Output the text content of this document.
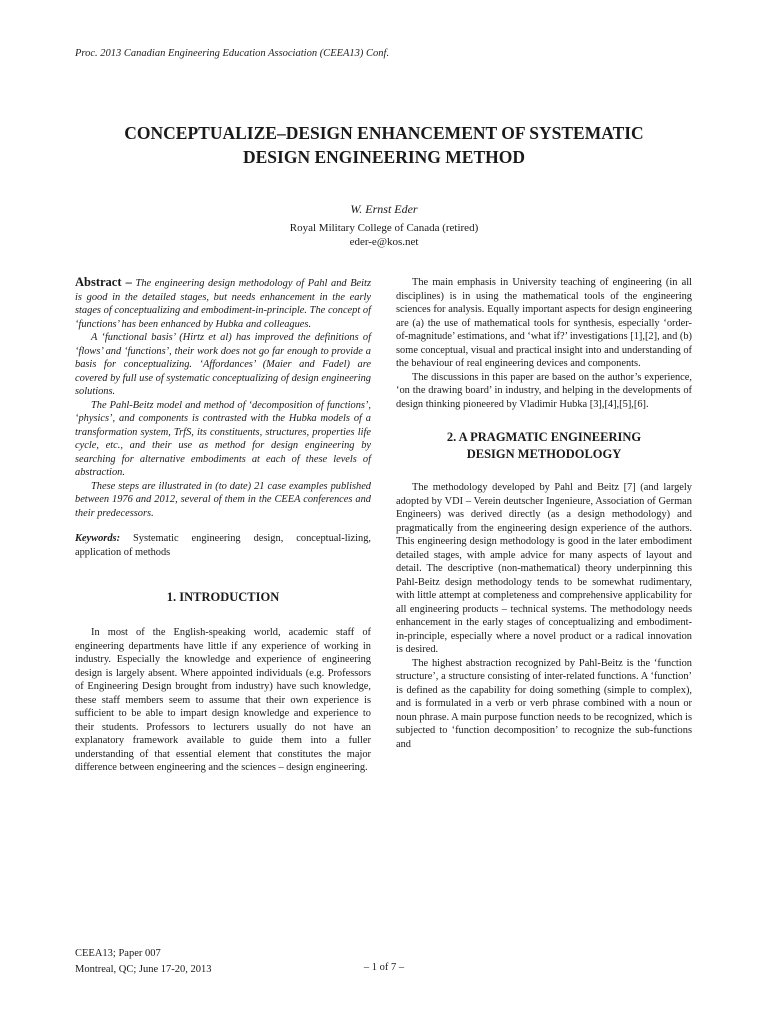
Proc. 2013 Canadian Engineering Education Association (CEEA13) Conf.
CONCEPTUALIZE–DESIGN ENHANCEMENT OF SYSTEMATIC
DESIGN ENGINEERING METHOD
W. Ernst Eder
Royal Military College of Canada (retired)
eder-e@kos.net

Abstract – The engineering design methodology of Pahl and Beitz is good in the detailed stages, but needs enhancement in the early stages of conceptualizing and embodiment-in-principle. The concept of ‘functions’ has been enhanced by Hubka and colleagues.

A ‘functional basis’ (Hirtz et al) has improved the definitions of ‘flows’ and ‘functions’, their work does not go far enough to provide a basis for conceptualizing. ‘Affordances’ (Maier and Fadel) are covered by full use of systematic conceptualizing of design engineering solutions.

The Pahl-Beitz model and method of ‘decomposition of functions’, ‘physics’, and components is contrasted with the Hubka models of a transformation system, TrfS, its constituents, structures, properties life cycle, etc., and their use as method for design engineering by searching for alternative embodiments at each of these levels of abstraction.

These steps are illustrated in (to date) 21 case examples published between 1976 and 2012, several of them in the CEEA conferences and their predecessors.

Keywords: Systematic engineering design, conceptual-lizing, application of methods

1. INTRODUCTION

In most of the English-speaking world, academic staff of engineering departments have little if any experience of working in industry. Especially the knowledge and experience of engineering design is largely absent. Where appointed individuals (e.g. Professors of Engineering Design brought from industry) have such knowledge, these staff members seem to assume that their own experience is sufficient to be able to impart design knowledge and experience to their students. Professors to lecturers usually do not have an explanatory framework available to guide them into a fuller understanding of that essential element that constitutes the major difference between engineering and the sciences – design engineering.

The main emphasis in University teaching of engineering (in all disciplines) is in using the mathematical tools of the engineering sciences for analysis. Equally important aspects for design engineering are (a) the use of mathematical tools for synthesis, especially ‘order-of-magnitude’ estimations, and ‘what if?’ investigations [1],[2], and (b) some conceptual, visual and practical insight into and understanding of the behaviour of real engineering devices and components.

The discussions in this paper are based on the author’s experience, ‘on the drawing board’ in industry, and helping in the developments of design thinking pioneered by Vladimir Hubka [3],[4],[5],[6].

2. A PRAGMATIC ENGINEERING
DESIGN METHODOLOGY

The methodology developed by Pahl and Beitz [7] (and largely adopted by VDI – Verein deutscher Ingenieure, Association of German Engineers) was derived directly (as a design methodology) and pragmatically from the engineering design experience of the authors. This engineering design methodology is good in the later embodiment detailed stages, with ample advice for many aspects of layout and detail. The descriptive (non-mathematical) theory underpinning this Pahl-Beitz design methodology tends to be somewhat rudimentary, with little attempt at completeness and comprehensive applicability for all engineering products – technical systems. The methodology needs enhancement in the early stages of conceptualizing and embodiment-in-principle, especially where a novel product or a radical innovation is desired.

The highest abstraction recognized by Pahl-Beitz is the ‘function structure’, a structure consisting of inter-related functions. A ‘function’ is defined as the capability for doing something (simple to complex), and is formulated in a verb or verb phrase combined with a noun or noun phrase. A main purpose function needs to be recognized, which is subjected to ‘function decomposition’ to recognize the sub-functions and

CEEA13; Paper 007
Montreal, QC; June 17-20, 2013	– 1 of 7 –
